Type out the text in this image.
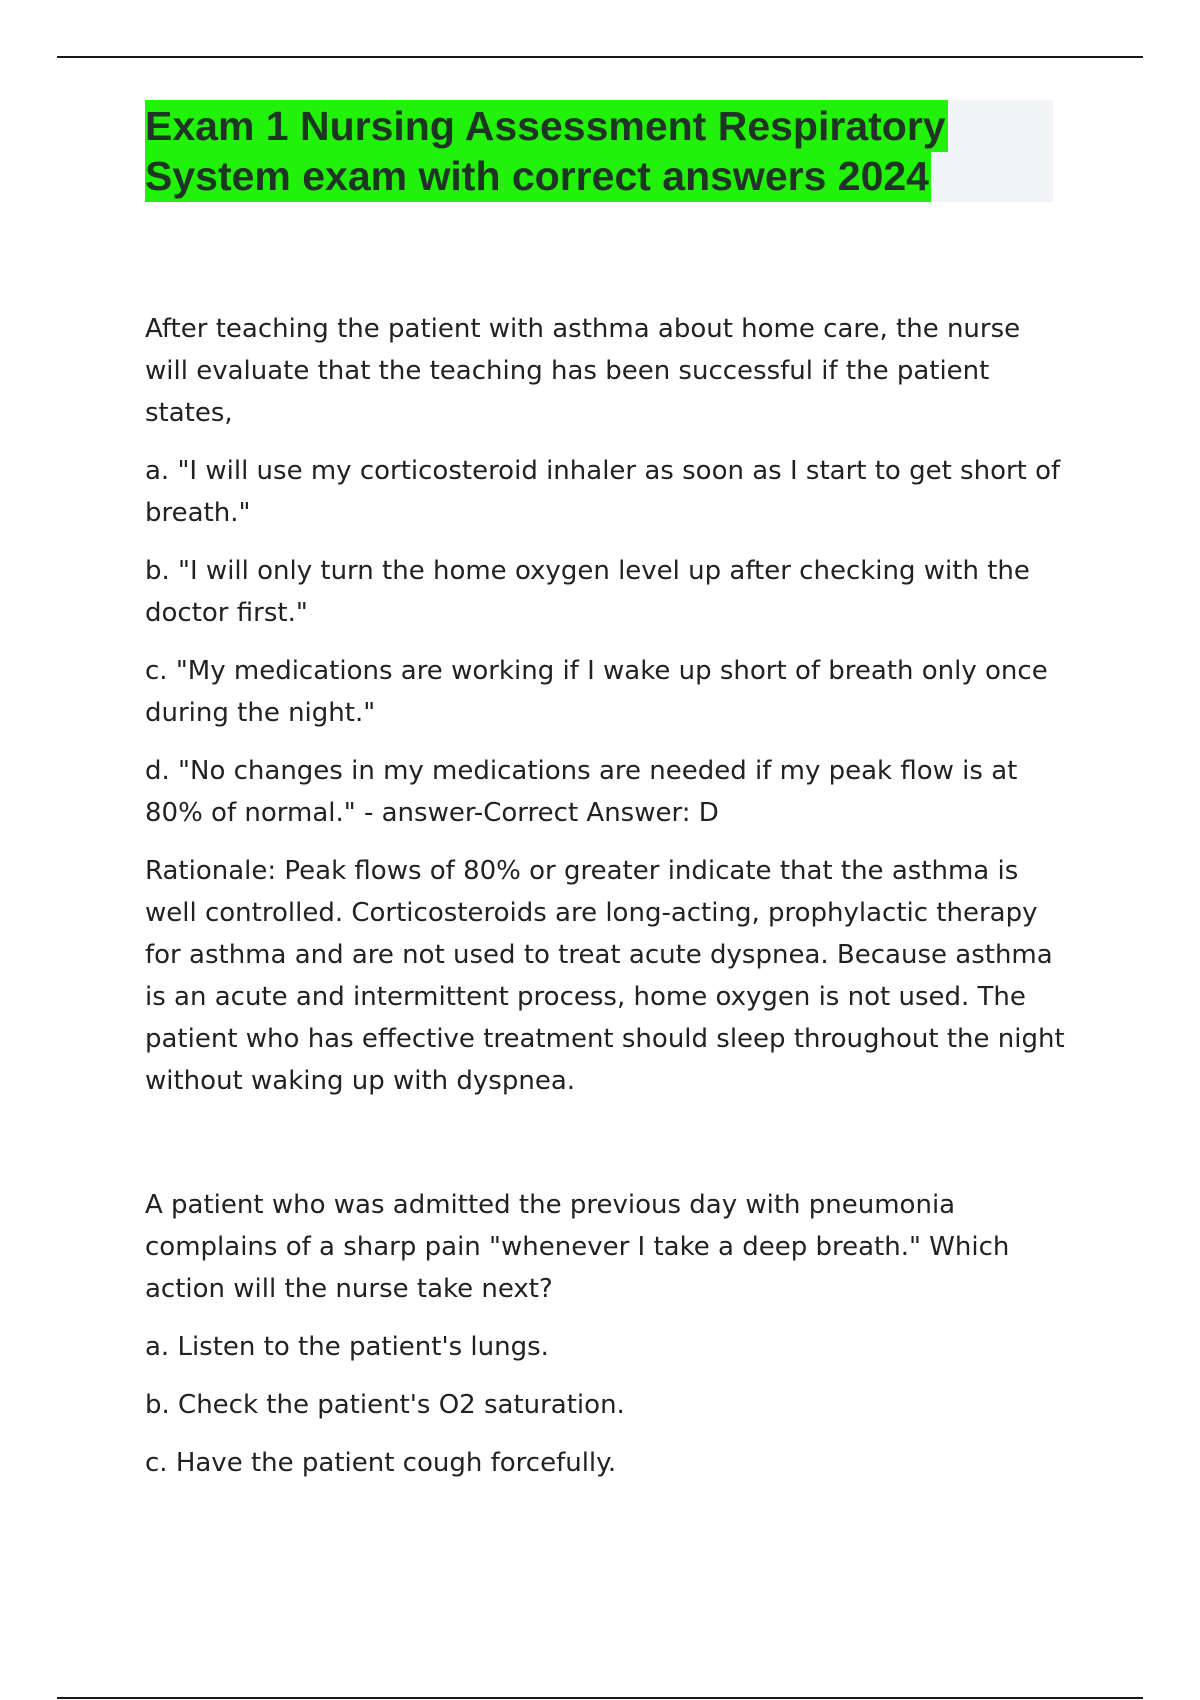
Exam 1 Nursing Assessment Respiratory
System exam with correct answers 2024

After teaching the patient with asthma about home care, the nurse will evaluate that the teaching has been successful if the patient states,

a. "I will use my corticosteroid inhaler as soon as I start to get short of breath."

b. "I will only turn the home oxygen level up after checking with the doctor first."

c. "My medications are working if I wake up short of breath only once during the night."

d. "No changes in my medications are needed if my peak flow is at 80% of normal." - answer-Correct Answer: D

Rationale: Peak flows of 80% or greater indicate that the asthma is well controlled. Corticosteroids are long-acting, prophylactic therapy for asthma and are not used to treat acute dyspnea. Because asthma is an acute and intermittent process, home oxygen is not used. The patient who has effective treatment should sleep throughout the night without waking up with dyspnea.

A patient who was admitted the previous day with pneumonia complains of a sharp pain "whenever I take a deep breath." Which action will the nurse take next?

a. Listen to the patient's lungs.

b. Check the patient's O2 saturation.

c. Have the patient cough forcefully.
